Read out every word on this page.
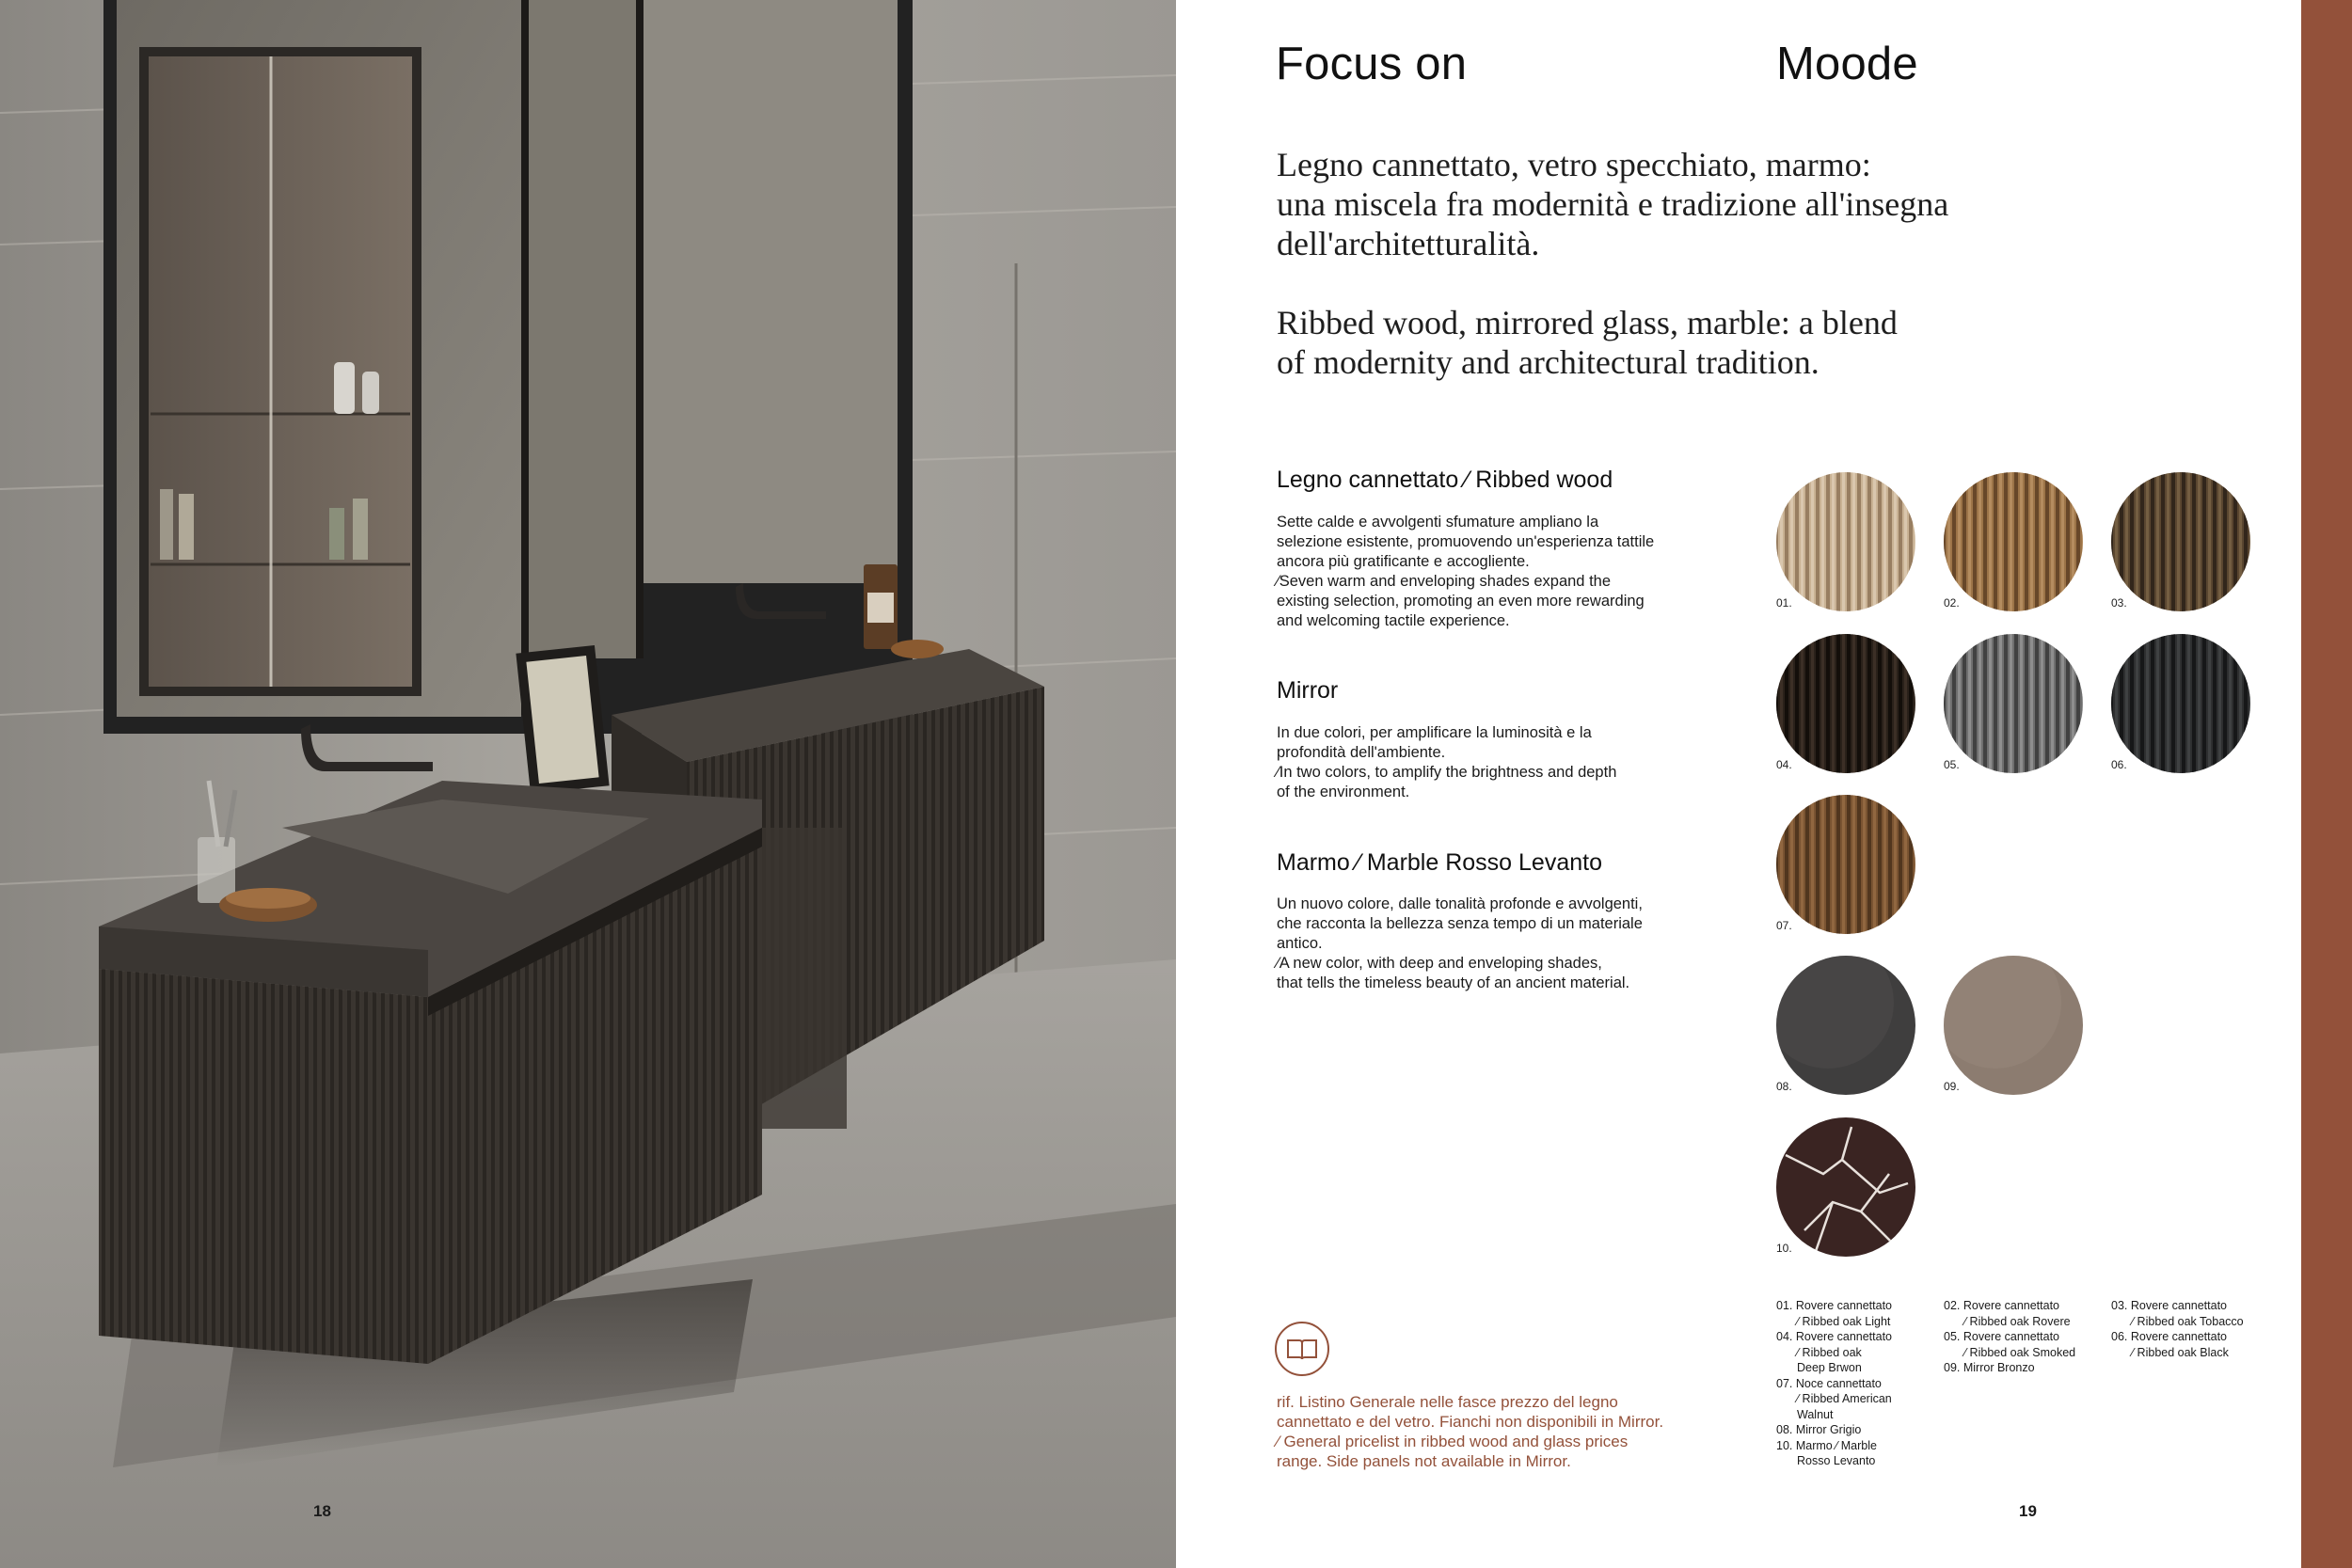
18
Focus on	Moode
Legno cannettato, vetro specchiato, marmo:
una miscela fra modernità e tradizione all'insegna
dell'architetturalità.
Ribbed wood, mirrored glass, marble: a blend
of modernity and architectural tradition.
Legno cannettato ⁄ Ribbed wood
Sette calde e avvolgenti sfumature ampliano la
selezione esistente, promuovendo un'esperienza tattile
ancora più gratificante e accogliente.
⁄Seven warm and enveloping shades expand the
existing selection, promoting an even more rewarding
and welcoming tactile experience.
Mirror
In due colori, per amplificare la luminosità e la
profondità dell'ambiente.
⁄In two colors, to amplify the brightness and depth
of the environment.
Marmo ⁄ Marble Rosso Levanto
Un nuovo colore, dalle tonalità profonde e avvolgenti,
che racconta la bellezza senza tempo di un materiale
antico.
⁄A new color, with deep and enveloping shades,
that tells the timeless beauty of an ancient material.
01.	02.	03.
04.	05.	06.
07.
08.	09.
10.
rif. Listino Generale nelle fasce prezzo del legno
cannettato e del vetro. Fianchi non disponibili in Mirror.
⁄ General pricelist in ribbed wood and glass prices
range. Side panels not available in Mirror.
01. Rovere cannettato
⁄ Ribbed oak Light
04. Rovere cannettato
⁄ Ribbed oak
Deep Brwon
07. Noce cannettato
⁄ Ribbed American
Walnut
08. Mirror Grigio
10. Marmo ⁄ Marble
Rosso Levanto
02. Rovere cannettato
⁄ Ribbed oak Rovere
05. Rovere cannettato
⁄ Ribbed oak Smoked
09. Mirror Bronzo
03. Rovere cannettato
⁄ Ribbed oak Tobacco
06. Rovere cannettato
⁄ Ribbed oak Black
19
